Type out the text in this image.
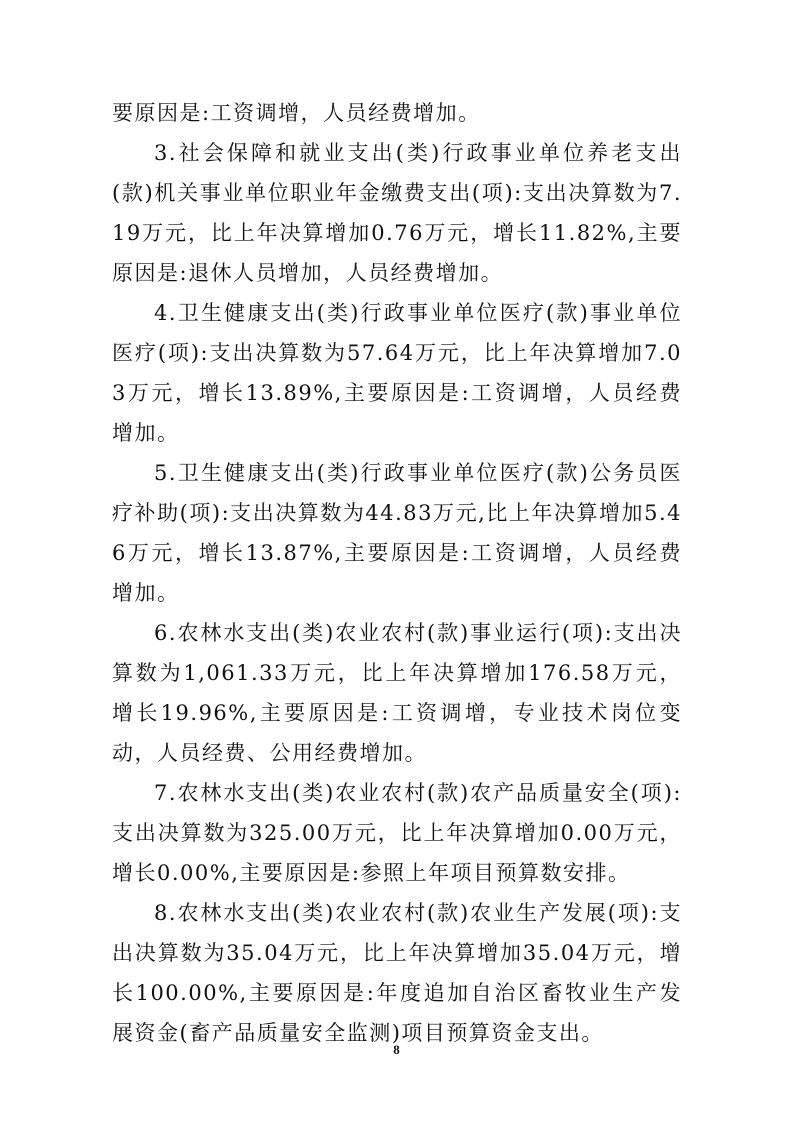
要原因是:工资调增，人员经费增加。

3.社会保障和就业支出(类)行政事业单位养老支出(款)机关事业单位职业年金缴费支出(项):支出决算数为7.19万元，比上年决算增加0.76万元，增长11.82%,主要原因是:退休人员增加，人员经费增加。

4.卫生健康支出(类)行政事业单位医疗(款)事业单位医疗(项):支出决算数为57.64万元，比上年决算增加7.03万元，增长13.89%,主要原因是:工资调增，人员经费增加。

5.卫生健康支出(类)行政事业单位医疗(款)公务员医疗补助(项):支出决算数为44.83万元,比上年决算增加5.46万元，增长13.87%,主要原因是:工资调增，人员经费增加。

6.农林水支出(类)农业农村(款)事业运行(项):支出决算数为1,061.33万元，比上年决算增加176.58万元，增长19.96%,主要原因是:工资调增，专业技术岗位变动，人员经费、公用经费增加。

7.农林水支出(类)农业农村(款)农产品质量安全(项):支出决算数为325.00万元，比上年决算增加0.00万元，增长0.00%,主要原因是:参照上年项目预算数安排。

8.农林水支出(类)农业农村(款)农业生产发展(项):支出决算数为35.04万元，比上年决算增加35.04万元，增长100.00%,主要原因是:年度追加自治区畜牧业生产发展资金(畜产品质量安全监测)项目预算资金支出。

8
